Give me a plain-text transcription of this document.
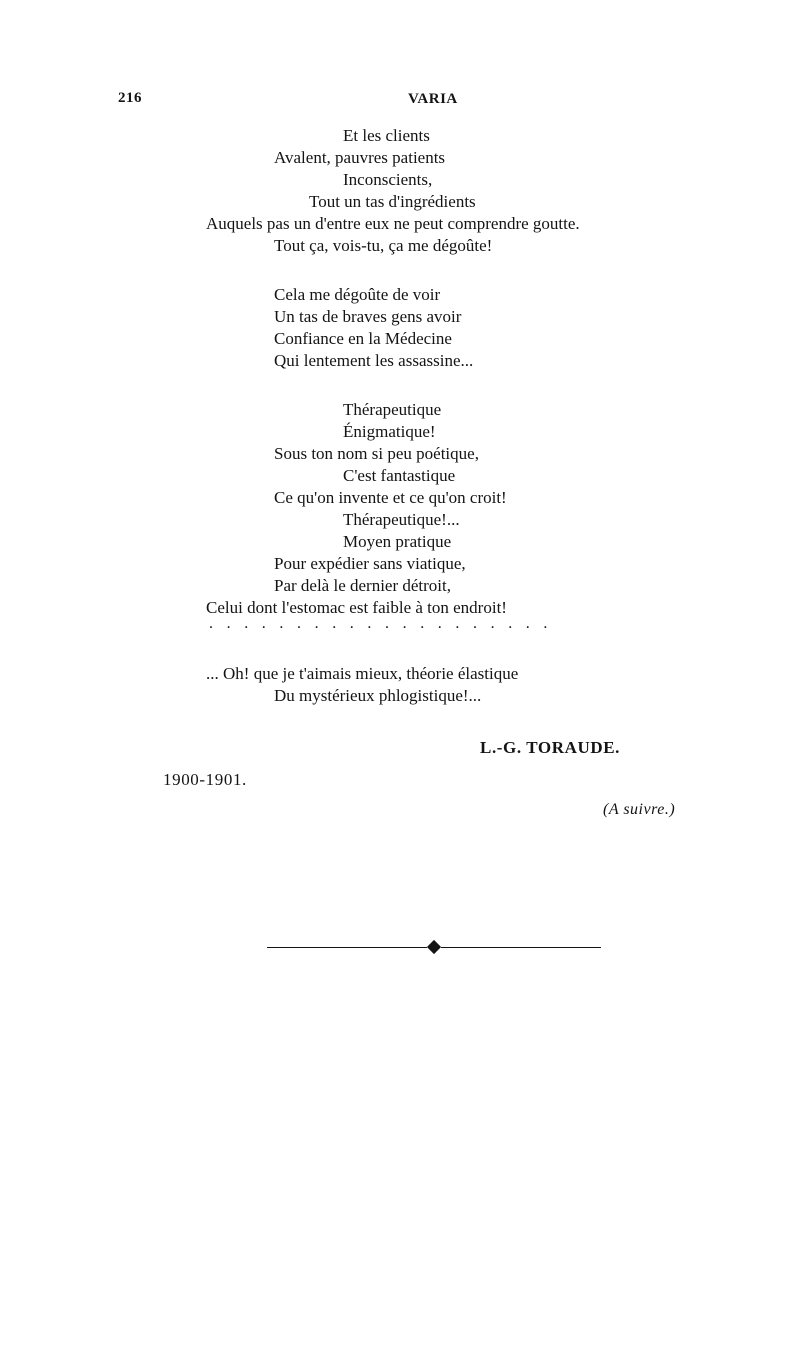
216	VARIA
Et les clients
Avalent, pauvres patients
Inconscients,
Tout un tas d'ingrédients
Auquels pas un d'entre eux ne peut comprendre goutte.
Tout ça, vois-tu, ça me dégoûte!
Cela me dégoûte de voir
Un tas de braves gens avoir
Confiance en la Médecine
Qui lentement les assassine...
Thérapeutique
Énigmatique!
Sous ton nom si peu poétique,
C'est fantastique
Ce qu'on invente et ce qu'on croit!
Thérapeutique!...
Moyen pratique
Pour expédier sans viatique,
Par delà le dernier détroit,
Celui dont l'estomac est faible à ton endroit!
....................
... Oh! que je t'aimais mieux, théorie élastique
Du mystérieux phlogistique!...
L.-G. TORAUDE.
1900-1901.
(A suivre.)
